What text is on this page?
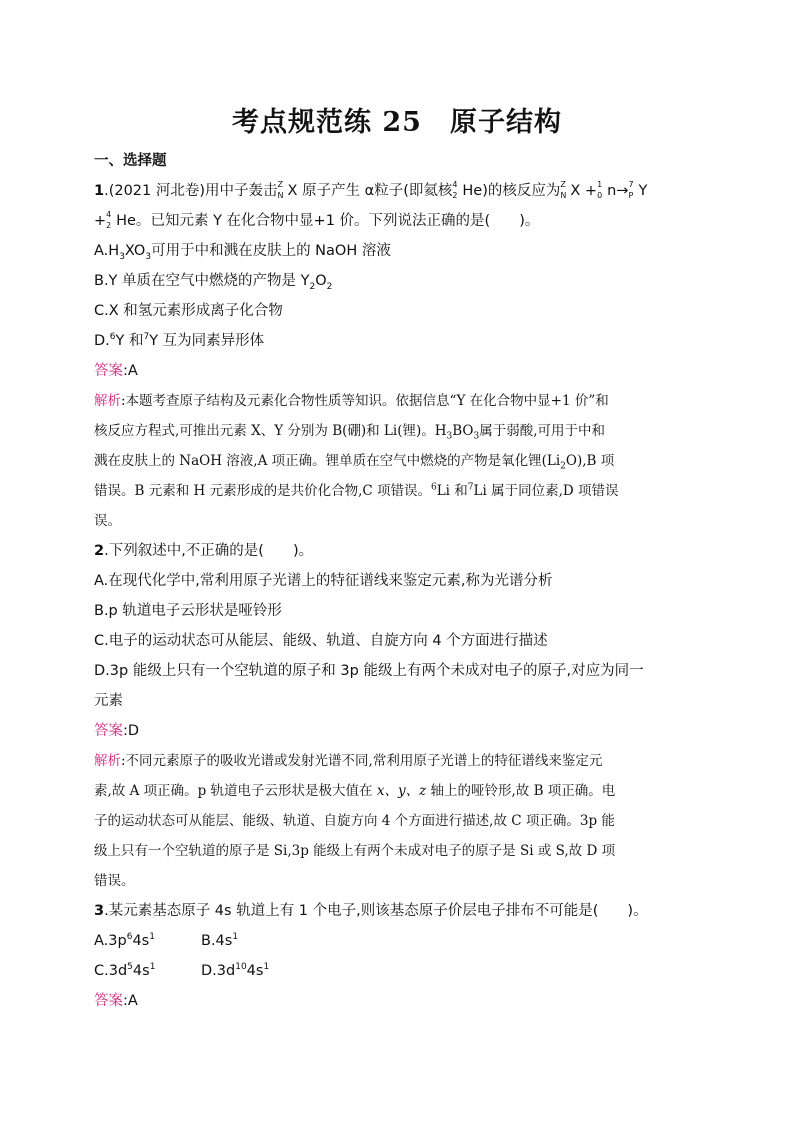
考点规范练 25　原子结构
一、选择题
1.(2021 河北卷)用中子轰击 Z
N X 原子产生 α粒子(即氦核 4
2 He)的核反应为 Z
N X + 1
0 n→ 7
P Y
+ 4
2 He。已知元素 Y 在化合物中显+1 价。下列说法正确的是(　　)。
$A.H_3XO_3$可用于中和溅在皮肤上的 NaOH 溶液
B.Y 单质在空气中燃烧的产物是 $Y_2O_2$
C.X 和氢元素形成离子化合物
D.$^6$Y 和$^7$Y 互为同素异形体
答案:A
解析:本题考查原子结构及元素化合物性质等知识。依据信息“Y 在化合物中显+1 价”和
核反应方程式,可推出元素 X、Y 分别为 B(硼)和 Li(锂)。$H_3BO_3$属于弱酸,可用于中和
溅在皮肤上的 NaOH 溶液,A 项正确。锂单质在空气中燃烧的产物是氧化锂$(Li_2O),B$ 项
错误。B 元素和 H 元素形成的是共价化合物,C 项错误。$^6$Li 和$^7$Li 属于同位素,D 项错误
误。
2.下列叙述中,不正确的是(　　)。
A.在现代化学中,常利用原子光谱上的特征谱线来鉴定元素,称为光谱分析
B.p 轨道电子云形状是哑铃形
C.电子的运动状态可从能层、能级、轨道、自旋方向 4 个方面进行描述
D.3p 能级上只有一个空轨道的原子和 3p 能级上有两个未成对电子的原子,对应为同一
元素
答案:D
解析:不同元素原子的吸收光谱或发射光谱不同,常利用原子光谱上的特征谱线来鉴定元
素,故 A 项正确。p 轨道电子云形状是极大值在 x、y、z 轴上的哑铃形,故 B 项正确。电
子的运动状态可从能层、能级、轨道、自旋方向 4 个方面进行描述,故 C 项正确。3p 能
级上只有一个空轨道的原子是 Si,3p 能级上有两个未成对电子的原子是 Si 或 S,故 D 项
错误。
3.某元素基态原子 4s 轨道上有 1 个电子,则该基态原子价层电子排布不可能是(　　)。
$A.3p^64s^1$	$B.4s^1$
$C.3d^54s^1$	$D.3d^{10}4s^1$
答案:A
